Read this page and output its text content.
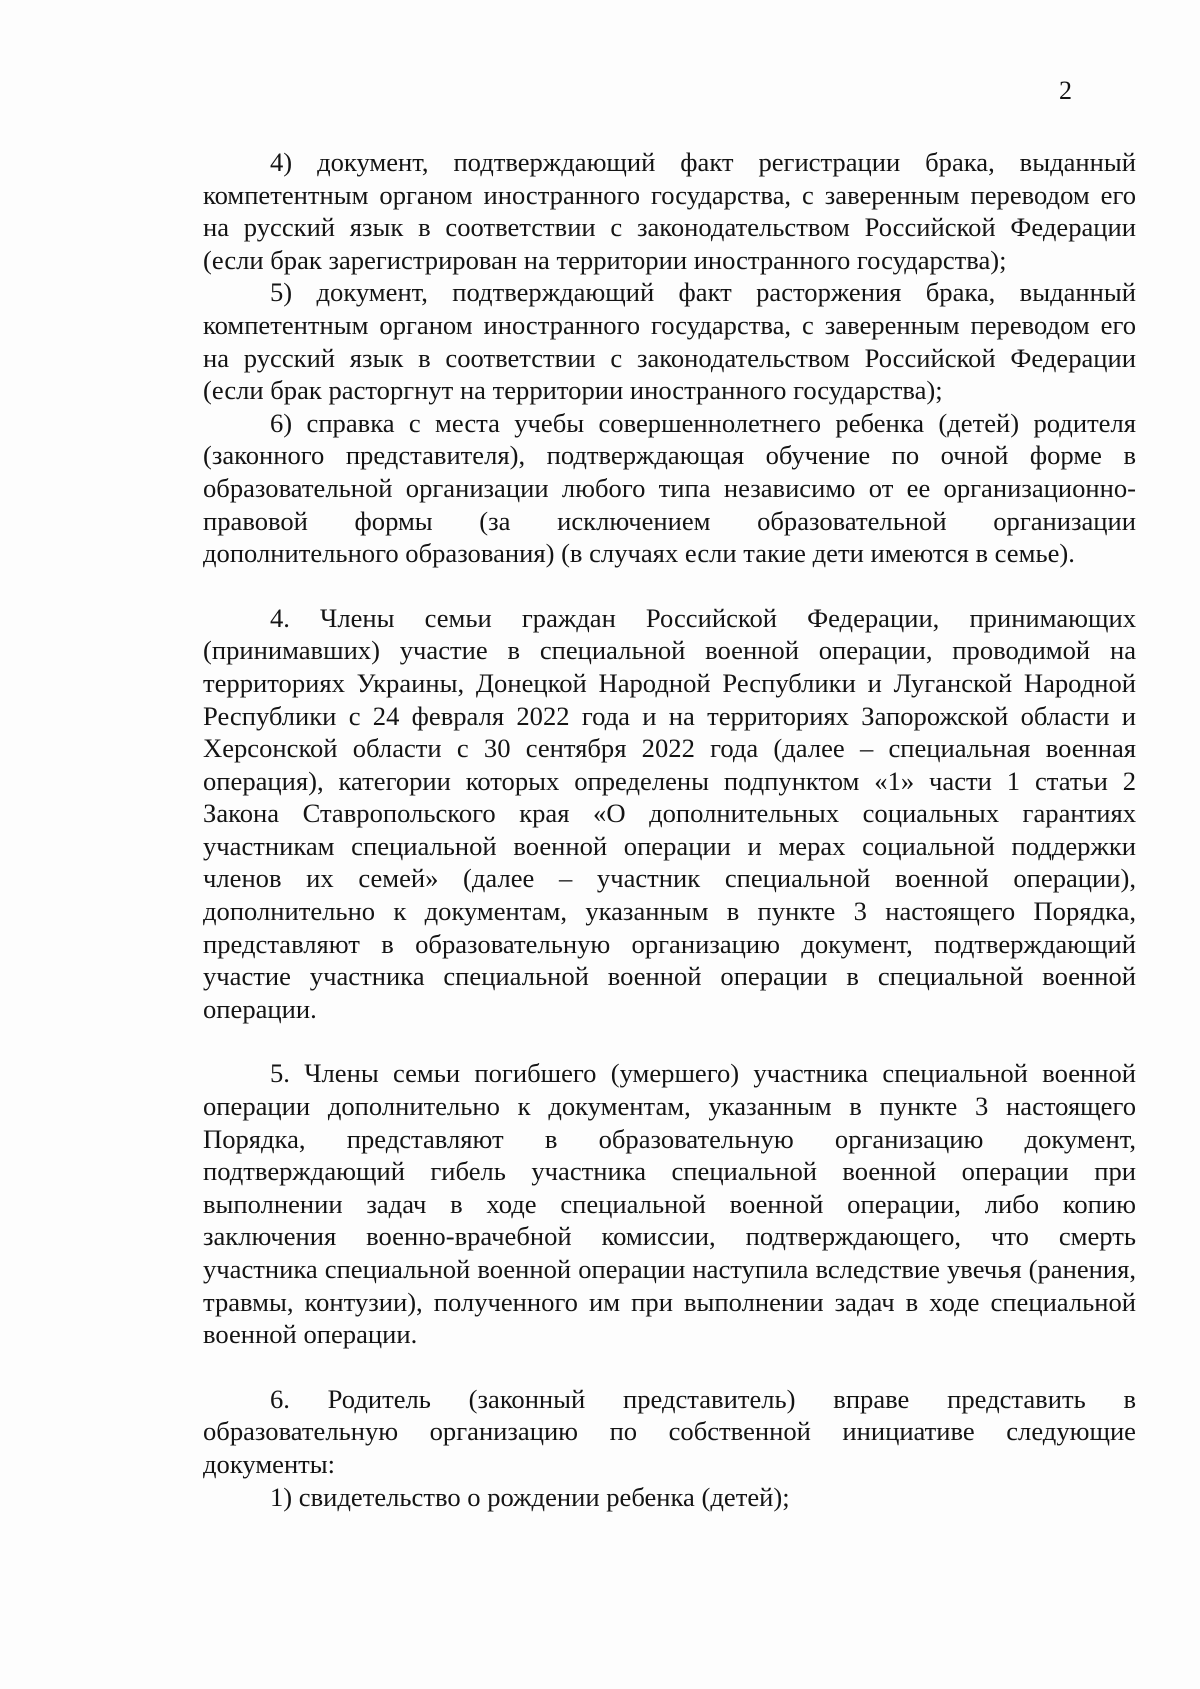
2

4) документ, подтверждающий факт регистрации брака, выданный компетентным органом иностранного государства, с заверенным переводом его на русский язык в соответствии с законодательством Российской Федерации (если брак зарегистрирован на территории иностранного государства);

5) документ, подтверждающий факт расторжения брака, выданный компетентным органом иностранного государства, с заверенным переводом его на русский язык в соответствии с законодательством Российской Федерации (если брак расторгнут на территории иностранного государства);

6) справка с места учебы совершеннолетнего ребенка (детей) родителя (законного представителя), подтверждающая обучение по очной форме в образовательной организации любого типа независимо от ее организационно-правовой формы (за исключением образовательной организации дополнительного образования) (в случаях если такие дети имеются в семье).

4. Члены семьи граждан Российской Федерации, принимающих (принимавших) участие в специальной военной операции, проводимой на территориях Украины, Донецкой Народной Республики и Луганской Народной Республики с 24 февраля 2022 года и на территориях Запорожской области и Херсонской области с 30 сентября 2022 года (далее – специальная военная операция), категории которых определены подпунктом «1» части 1 статьи 2 Закона Ставропольского края «О дополнительных социальных гарантиях участникам специальной военной операции и мерах социальной поддержки членов их семей» (далее – участник специальной военной операции), дополнительно к документам, указанным в пункте 3 настоящего Порядка, представляют в образовательную организацию документ, подтверждающий участие участника специальной военной операции в специальной военной операции.

5. Члены семьи погибшего (умершего) участника специальной военной операции дополнительно к документам, указанным в пункте 3 настоящего Порядка, представляют в образовательную организацию документ, подтверждающий гибель участника специальной военной операции при выполнении задач в ходе специальной военной операции, либо копию заключения военно-врачебной комиссии, подтверждающего, что смерть участника специальной военной операции наступила вследствие увечья (ранения, травмы, контузии), полученного им при выполнении задач в ходе специальной военной операции.

6. Родитель (законный представитель) вправе представить в образовательную организацию по собственной инициативе следующие документы:

1) свидетельство о рождении ребенка (детей);
